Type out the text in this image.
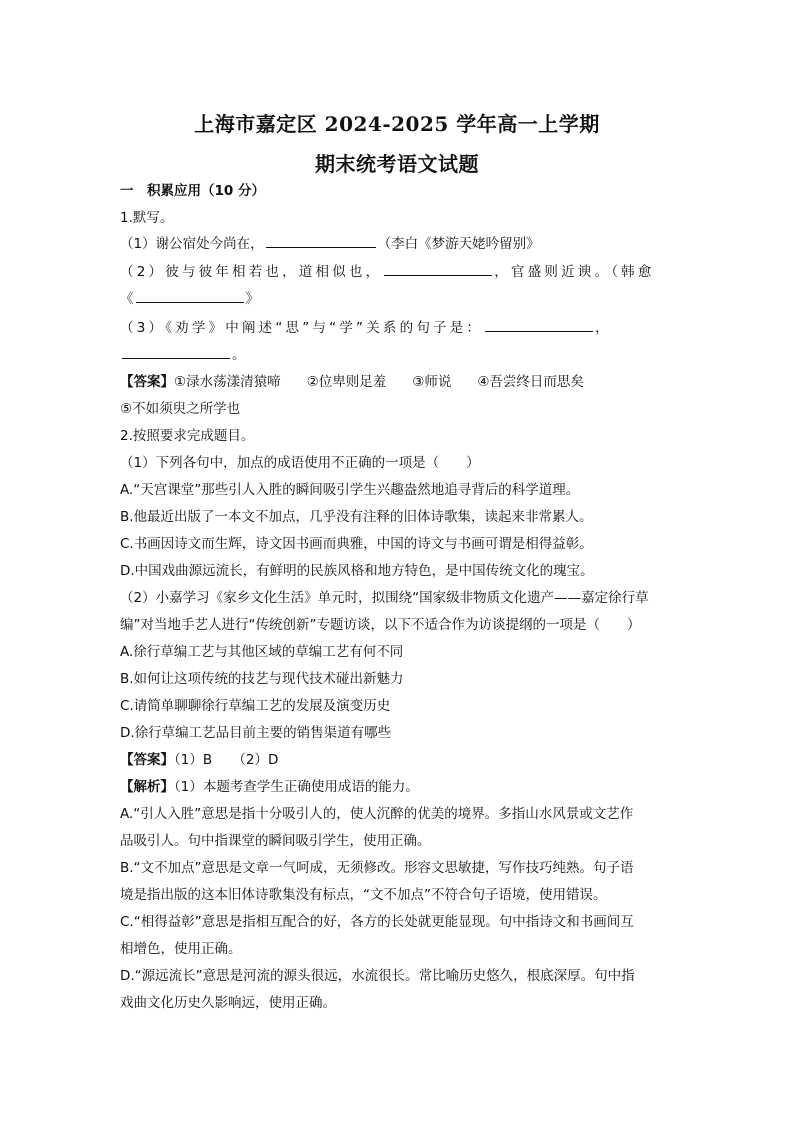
上海市嘉定区 2024-2025 学年高一上学期
期末统考语文试题
一　积累应用（10 分）
1.默写。
（1）谢公宿处今尚在，	（李白《梦游天姥吟留别》
（2）彼与彼年相若也，道相似也，	，官盛则近谀。（韩愈
《	》
（3）《劝学》中阐述“思”与“学”关系的句子是：	，
。
【答案】①渌水荡漾清猿啼 ②位卑则足羞 ③师说 ④吾尝终日而思矣
⑤不如须臾之所学也
2.按照要求完成题目。
（1）下列各句中，加点的成语使用不正确的一项是（　　）
A.“天宫课堂”那些引人入胜的瞬间吸引学生兴趣盎然地追寻背后的科学道理。
B.他最近出版了一本文不加点，几乎没有注释的旧体诗歌集，读起来非常累人。
C.书画因诗文而生辉，诗文因书画而典雅，中国的诗文与书画可谓是相得益彰。
D.中国戏曲源远流长，有鲜明的民族风格和地方特色，是中国传统文化的瑰宝。
（2）小嘉学习《家乡文化生活》单元时，拟围绕“国家级非物质文化遗产——嘉定徐行草
编”对当地手艺人进行“传统创新”专题访谈，以下不适合作为访谈提纲的一项是（　　）
A.徐行草编工艺与其他区域的草编工艺有何不同
B.如何让这项传统的技艺与现代技术碰出新魅力
C.请简单聊聊徐行草编工艺的发展及演变历史
D.徐行草编工艺品目前主要的销售渠道有哪些
【答案】（1）B　　（2）D
【解析】（1）本题考查学生正确使用成语的能力。
A.“引人入胜”意思是指十分吸引人的，使人沉醉的优美的境界。多指山水风景或文艺作
品吸引人。句中指课堂的瞬间吸引学生，使用正确。
B.“文不加点”意思是文章一气呵成，无须修改。形容文思敏捷，写作技巧纯熟。句子语
境是指出版的这本旧体诗歌集没有标点，“文不加点”不符合句子语境，使用错误。
C.“相得益彰”意思是指相互配合的好，各方的长处就更能显现。句中指诗文和书画间互
相增色，使用正确。
D.“源远流长”意思是河流的源头很远，水流很长。常比喻历史悠久，根底深厚。句中指
戏曲文化历史久影响远，使用正确。
